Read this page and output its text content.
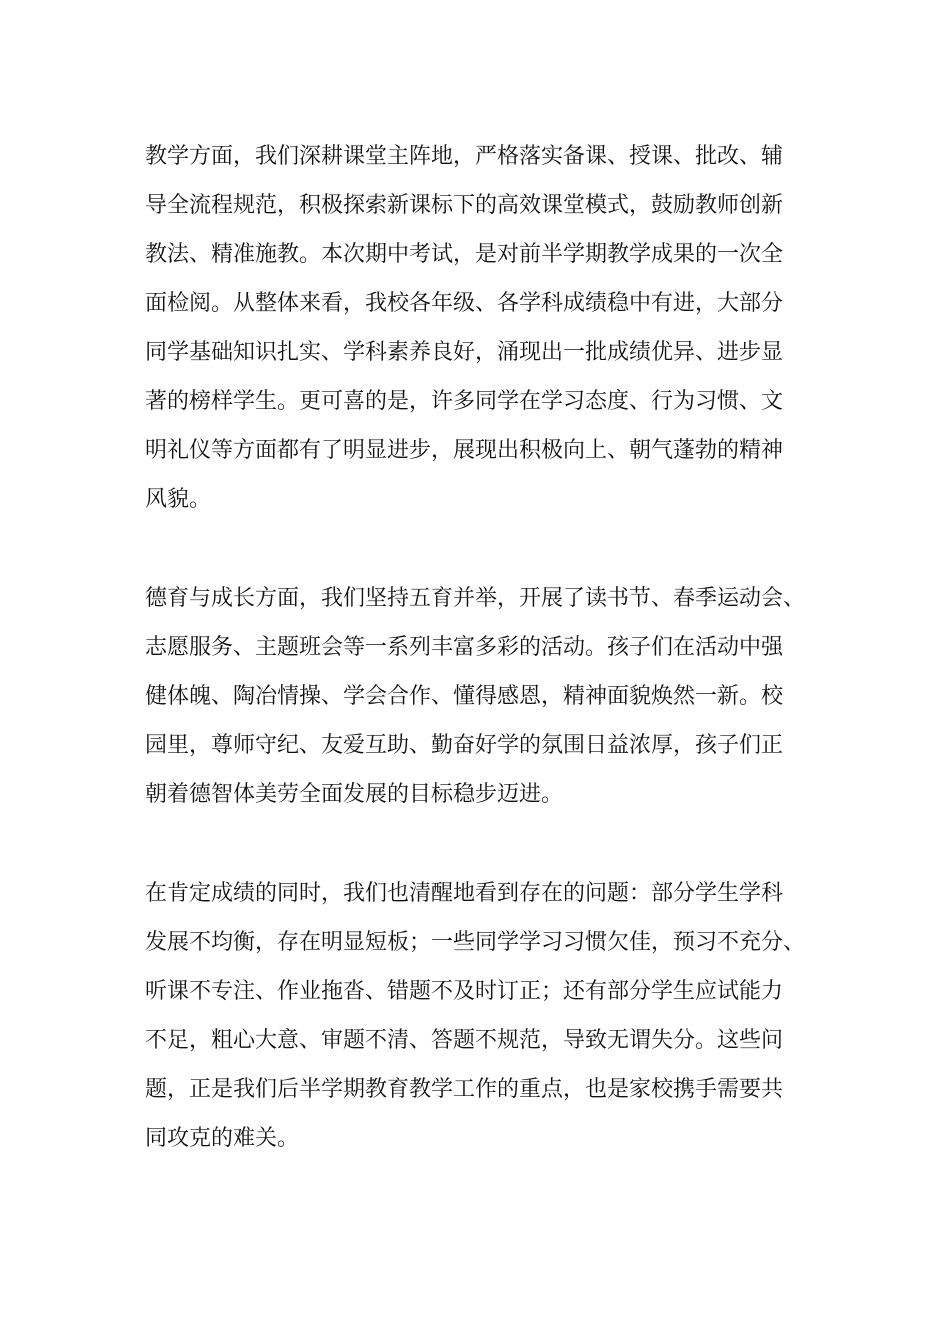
教学方面，我们深耕课堂主阵地，严格落实备课、授课、批改、辅
导全流程规范，积极探索新课标下的高效课堂模式，鼓励教师创新
教法、精准施教。本次期中考试，是对前半学期教学成果的一次全
面检阅。从整体来看，我校各年级、各学科成绩稳中有进，大部分
同学基础知识扎实、学科素养良好，涌现出一批成绩优异、进步显
著的榜样学生。更可喜的是，许多同学在学习态度、行为习惯、文
明礼仪等方面都有了明显进步，展现出积极向上、朝气蓬勃的精神
风貌。
德育与成长方面，我们坚持五育并举，开展了读书节、春季运动会、
志愿服务、主题班会等一系列丰富多彩的活动。孩子们在活动中强
健体魄、陶冶情操、学会合作、懂得感恩，精神面貌焕然一新。校
园里，尊师守纪、友爱互助、勤奋好学的氛围日益浓厚，孩子们正
朝着德智体美劳全面发展的目标稳步迈进。
在肯定成绩的同时，我们也清醒地看到存在的问题：部分学生学科
发展不均衡，存在明显短板；一些同学学习习惯欠佳，预习不充分、
听课不专注、作业拖沓、错题不及时订正；还有部分学生应试能力
不足，粗心大意、审题不清、答题不规范，导致无谓失分。这些问
题，正是我们后半学期教育教学工作的重点，也是家校携手需要共
同攻克的难关。
